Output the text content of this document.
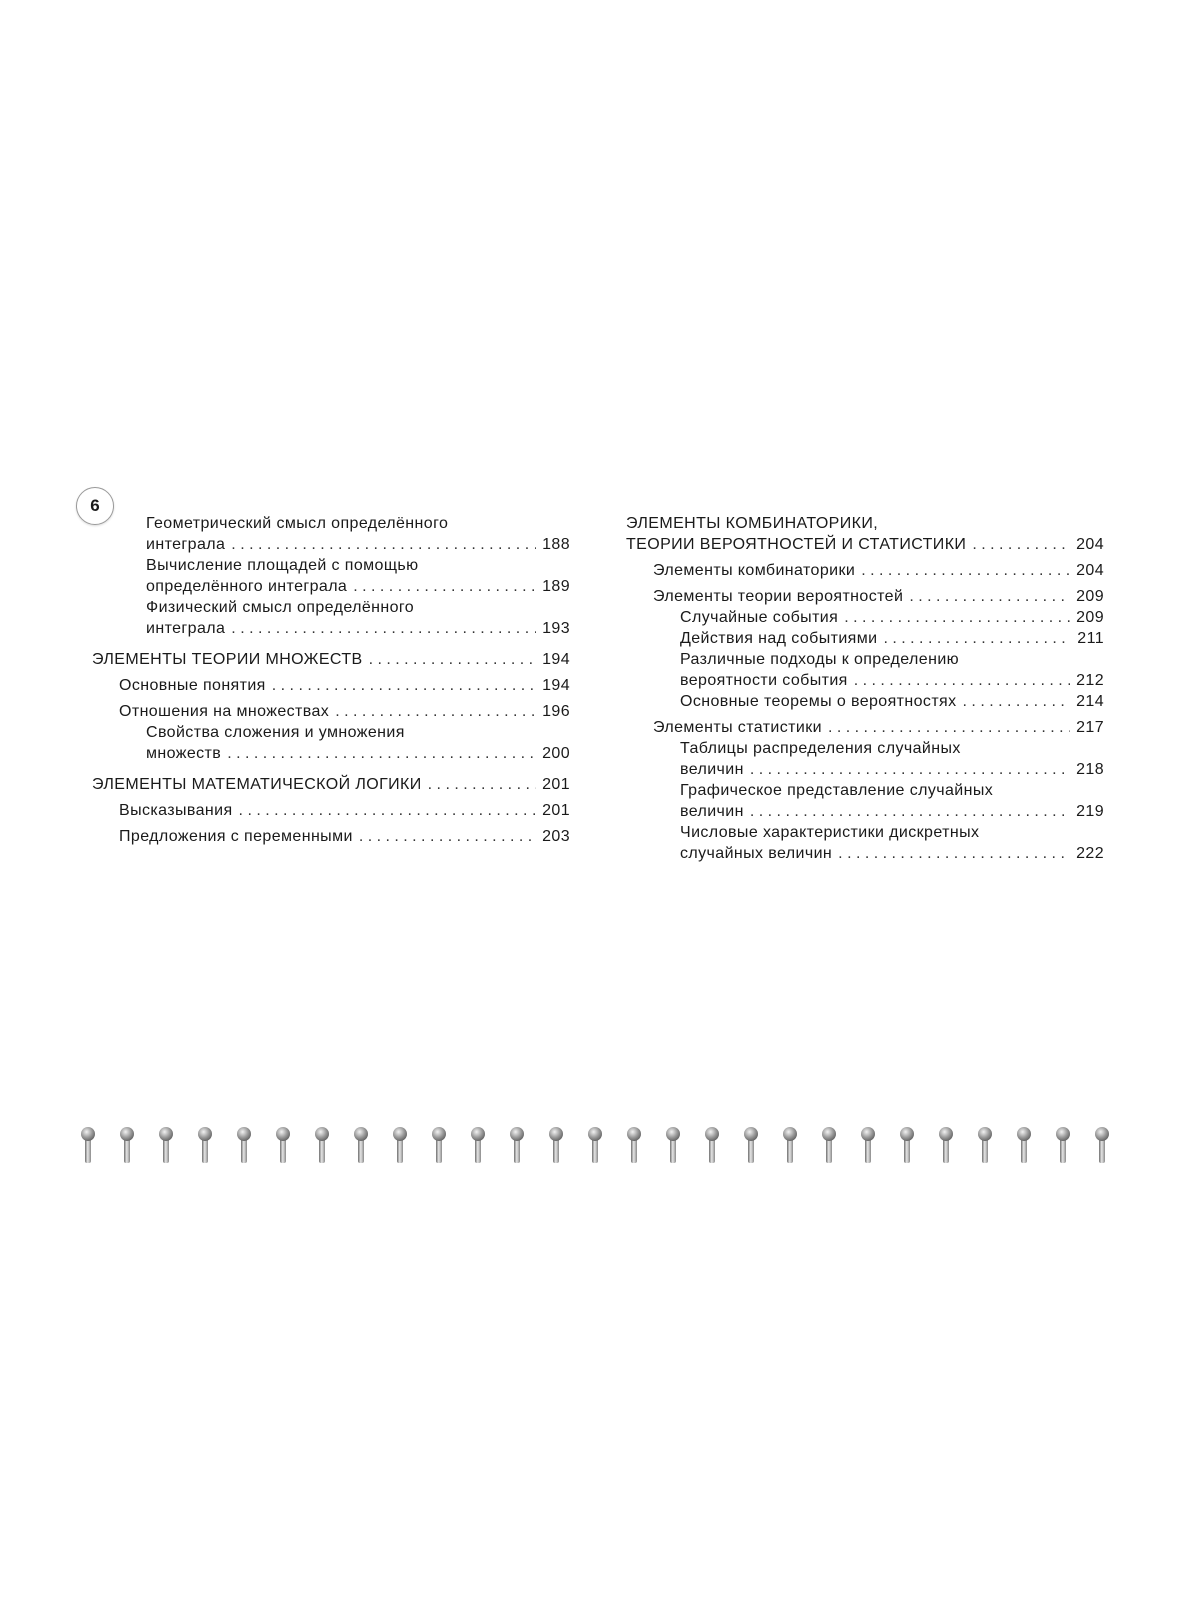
6
Геометрический смысл определённого
интеграла . . .	188
Вычисление площадей с помощью
определённого интеграла . . .	189
Физический смысл определённого
интеграла . . .	193
ЭЛЕМЕНТЫ ТЕОРИИ МНОЖЕСТВ . . .	194
Основные понятия . . .	194
Отношения на множествах . . .	196
Свойства сложения и умножения
множеств . . .	200
ЭЛЕМЕНТЫ МАТЕМАТИЧЕСКОЙ ЛОГИКИ . . .	201
Высказывания . . .	201
Предложения с переменными . . .	203
ЭЛЕМЕНТЫ КОМБИНАТОРИКИ,
ТЕОРИИ ВЕРОЯТНОСТЕЙ И СТАТИСТИКИ . . .	204
Элементы комбинаторики . . .	204
Элементы теории вероятностей . . .	209
Случайные события . . .	209
Действия над событиями . . .	211
Различные подходы к определению
вероятности события . . .	212
Основные теоремы о вероятностях . . .	214
Элементы статистики . . .	217
Таблицы распределения случайных
величин . . .	218
Графическое представление случайных
величин . . .	219
Числовые характеристики дискретных
случайных величин . . .	222
